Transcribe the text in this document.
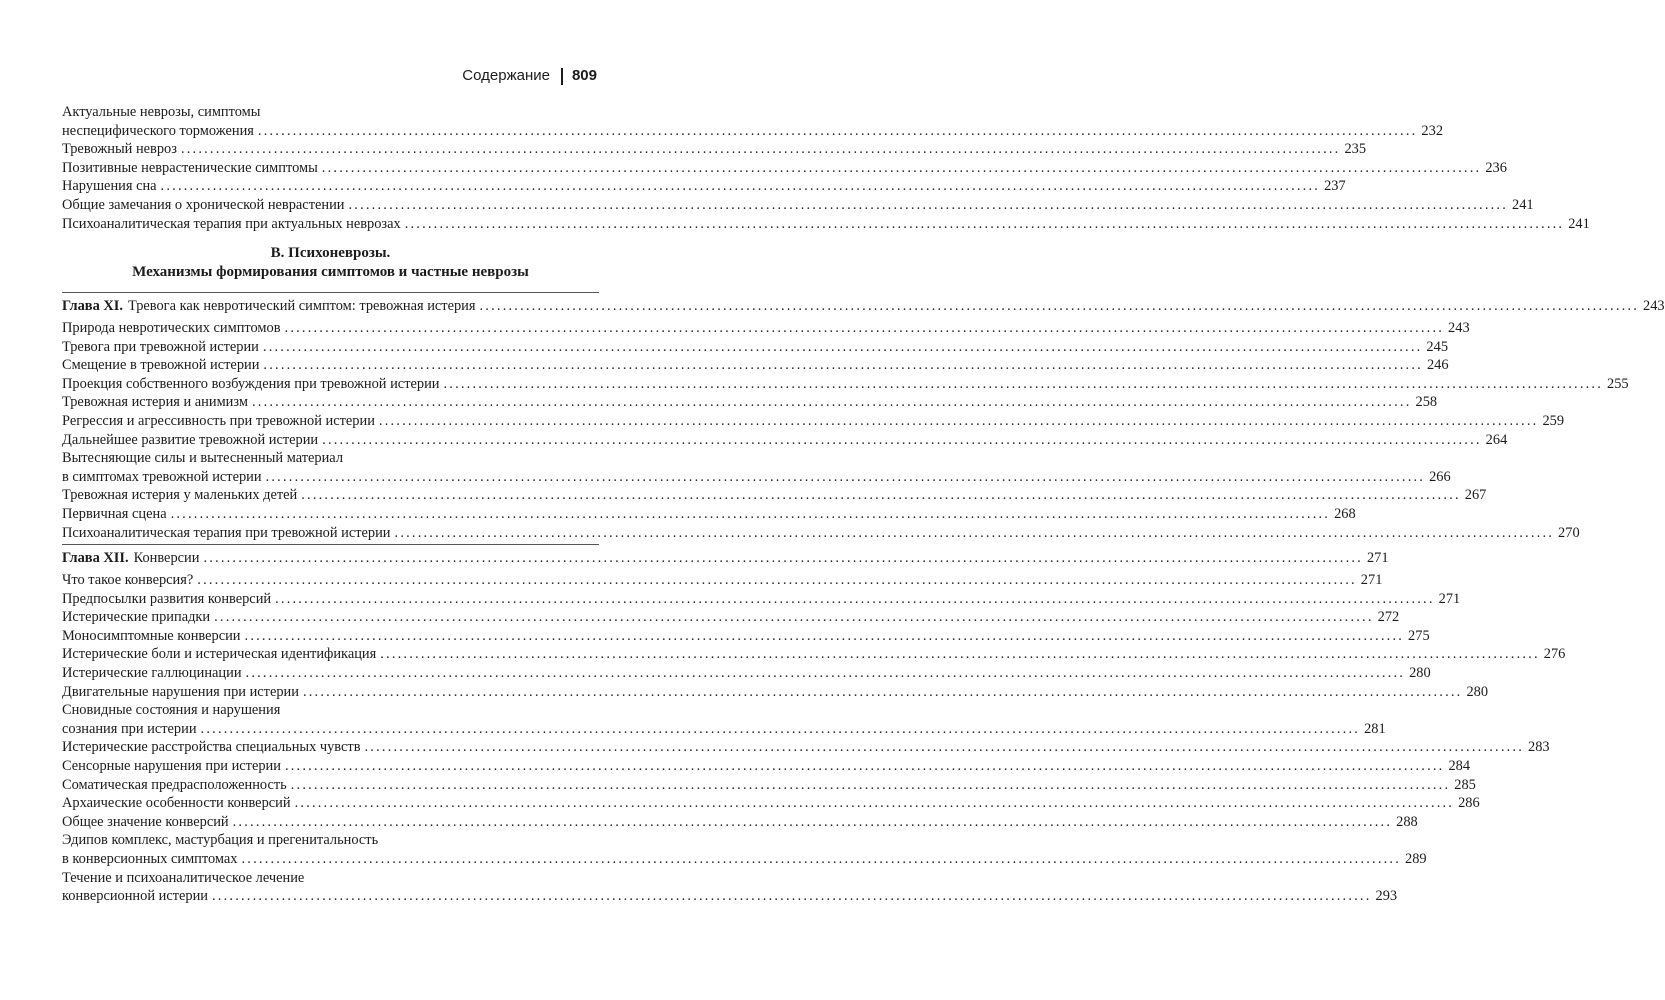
Содержание 809
Актуальные неврозы, симптомы
неспецифического торможения ........................................................................................................................................................................................................ 232
Тревожный невроз ........................................................................................................................................................................................................ 235
Позитивные неврастенические симптомы ........................................................................................................................................................................................................ 236
Нарушения сна ........................................................................................................................................................................................................ 237
Общие замечания о хронической неврастении ........................................................................................................................................................................................................ 241
Психоаналитическая терапия при актуальных неврозах ........................................................................................................................................................................................................ 241
B. Психоневрозы.
Механизмы формирования симптомов и частные неврозы
Глава XI. Тревога как невротический симптом: тревожная истерия ........................................................................................................................................................................................................ 243
Природа невротических симптомов ........................................................................................................................................................................................................ 243
Тревога при тревожной истерии ........................................................................................................................................................................................................ 245
Смещение в тревожной истерии ........................................................................................................................................................................................................ 246
Проекция собственного возбуждения при тревожной истерии ........................................................................................................................................................................................................ 255
Тревожная истерия и анимизм ........................................................................................................................................................................................................ 258
Регрессия и агрессивность при тревожной истерии ........................................................................................................................................................................................................ 259
Дальнейшее развитие тревожной истерии ........................................................................................................................................................................................................ 264
Вытесняющие силы и вытесненный материал
в симптомах тревожной истерии ........................................................................................................................................................................................................ 266
Тревожная истерия у маленьких детей ........................................................................................................................................................................................................ 267
Первичная сцена ........................................................................................................................................................................................................ 268
Психоаналитическая терапия при тревожной истерии ........................................................................................................................................................................................................ 270
Глава XII. Конверсии ........................................................................................................................................................................................................ 271
Что такое конверсия? ........................................................................................................................................................................................................ 271
Предпосылки развития конверсий ........................................................................................................................................................................................................ 271
Истерические припадки ........................................................................................................................................................................................................ 272
Моносимптомные конверсии ........................................................................................................................................................................................................ 275
Истерические боли и истерическая идентификация ........................................................................................................................................................................................................ 276
Истерические галлюцинации ........................................................................................................................................................................................................ 280
Двигательные нарушения при истерии ........................................................................................................................................................................................................ 280
Сновидные состояния и нарушения
сознания при истерии ........................................................................................................................................................................................................ 281
Истерические расстройства специальных чувств ........................................................................................................................................................................................................ 283
Сенсорные нарушения при истерии ........................................................................................................................................................................................................ 284
Соматическая предрасположенность ........................................................................................................................................................................................................ 285
Архаические особенности конверсий ........................................................................................................................................................................................................ 286
Общее значение конверсий ........................................................................................................................................................................................................ 288
Эдипов комплекс, мастурбация и прегенитальность
в конверсионных симптомах ........................................................................................................................................................................................................ 289
Течение и психоаналитическое лечение
конверсионной истерии ........................................................................................................................................................................................................ 293
